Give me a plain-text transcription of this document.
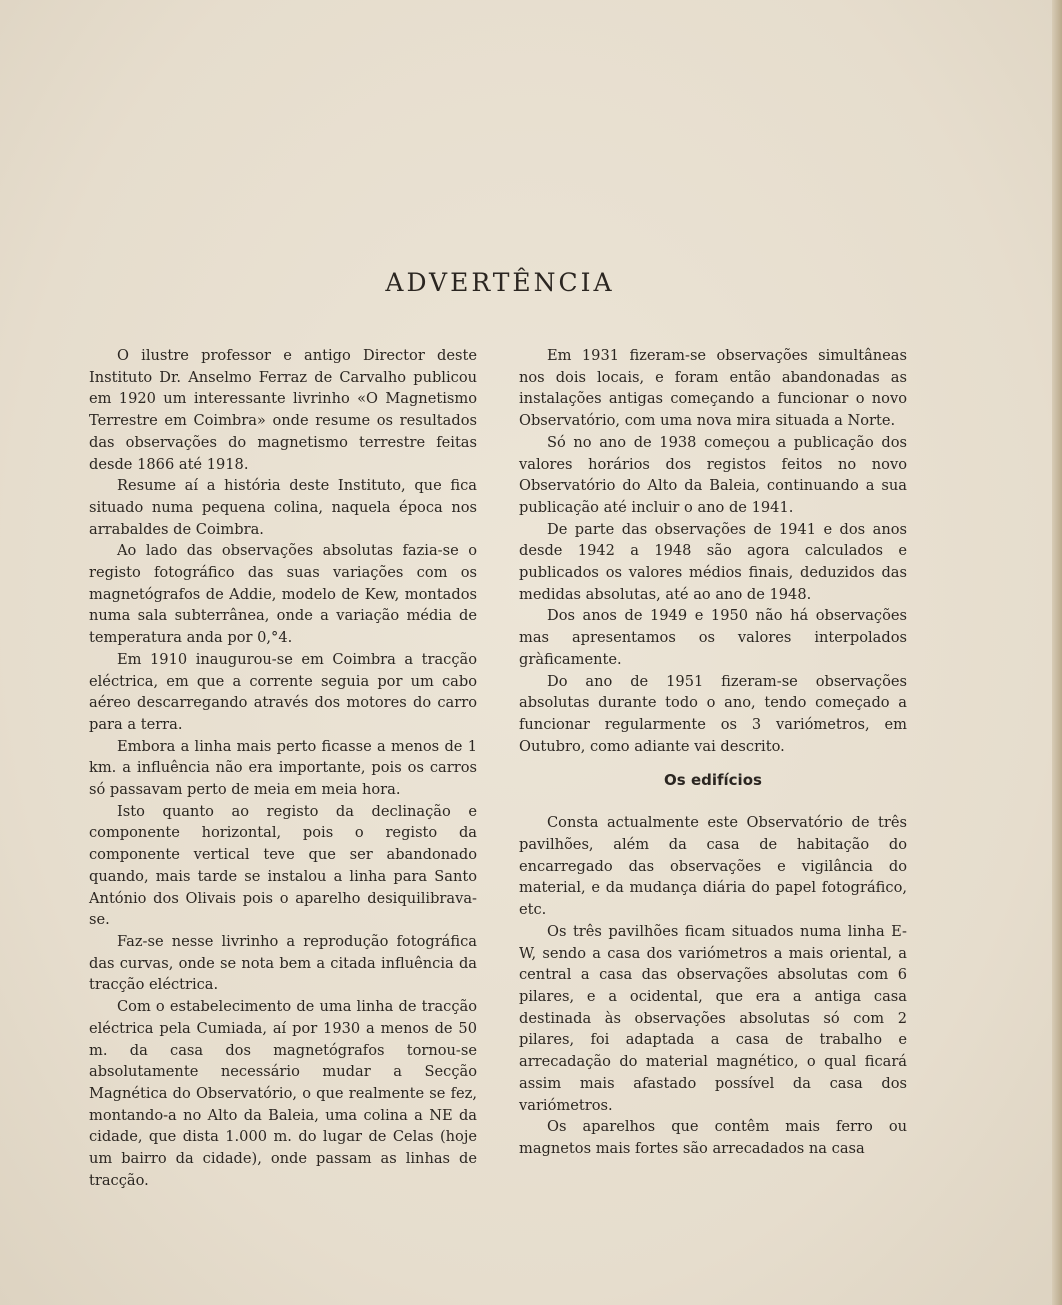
ADVERTÊNCIA

O ilustre professor e antigo Director deste Instituto Dr. Anselmo Ferraz de Carvalho publicou em 1920 um interessante livrinho «O Magnetismo Terrestre em Coimbra» onde resume os resultados das observações do magnetismo terrestre feitas desde 1866 até 1918.

Resume aí a história deste Instituto, que fica situado numa pequena colina, naquela época nos arrabaldes de Coimbra.

Ao lado das observações absolutas fazia-se o registo fotográfico das suas variações com os magnetógrafos de Addie, modelo de Kew, montados numa sala subterrânea, onde a variação média de temperatura anda por 0,°4.

Em 1910 inaugurou-se em Coimbra a tracção eléctrica, em que a corrente seguia por um cabo aéreo descarregando através dos motores do carro para a terra.

Embora a linha mais perto ficasse a menos de 1 km. a influência não era importante, pois os carros só passavam perto de meia em meia hora.

Isto quanto ao registo da declinação e componente horizontal, pois o registo da componente vertical teve que ser abandonado quando, mais tarde se instalou a linha para Santo António dos Olivais pois o aparelho desiquilibrava-se.

Faz-se nesse livrinho a reprodução fotográfica das curvas, onde se nota bem a citada influência da tracção eléctrica.

Com o estabelecimento de uma linha de tracção eléctrica pela Cumiada, aí por 1930 a menos de 50 m. da casa dos magnetógrafos tornou-se absolutamente necessário mudar a Secção Magnética do Observatório, o que realmente se fez, montando-a no Alto da Baleia, uma colina a NE da cidade, que dista 1.000 m. do lugar de Celas (hoje um bairro da cidade), onde passam as linhas de tracção.

Em 1931 fizeram-se observações simultâneas nos dois locais, e foram então abandonadas as instalações antigas começando a funcionar o novo Observatório, com uma nova mira situada a Norte.

Só no ano de 1938 começou a publicação dos valores horários dos registos feitos no novo Observatório do Alto da Baleia, continuando a sua publicação até incluir o ano de 1941.

De parte das observações de 1941 e dos anos desde 1942 a 1948 são agora calculados e publicados os valores médios finais, deduzidos das medidas absolutas, até ao ano de 1948.

Dos anos de 1949 e 1950 não há observações mas apresentamos os valores interpolados gràficamente.

Do ano de 1951 fizeram-se observações absolutas durante todo o ano, tendo começado a funcionar regularmente os 3 variómetros, em Outubro, como adiante vai descrito.

Os edifícios

Consta actualmente este Observatório de três pavilhões, além da casa de habitação do encarregado das observações e vigilância do material, e da mudança diária do papel fotográfico, etc.

Os três pavilhões ficam situados numa linha E-W, sendo a casa dos variómetros a mais oriental, a central a casa das observações absolutas com 6 pilares, e a ocidental, que era a antiga casa destinada às observações absolutas só com 2 pilares, foi adaptada a casa de trabalho e arrecadação do material magnético, o qual ficará assim mais afastado possível da casa dos variómetros.

Os aparelhos que contêm mais ferro ou magnetos mais fortes são arrecadados na casa
